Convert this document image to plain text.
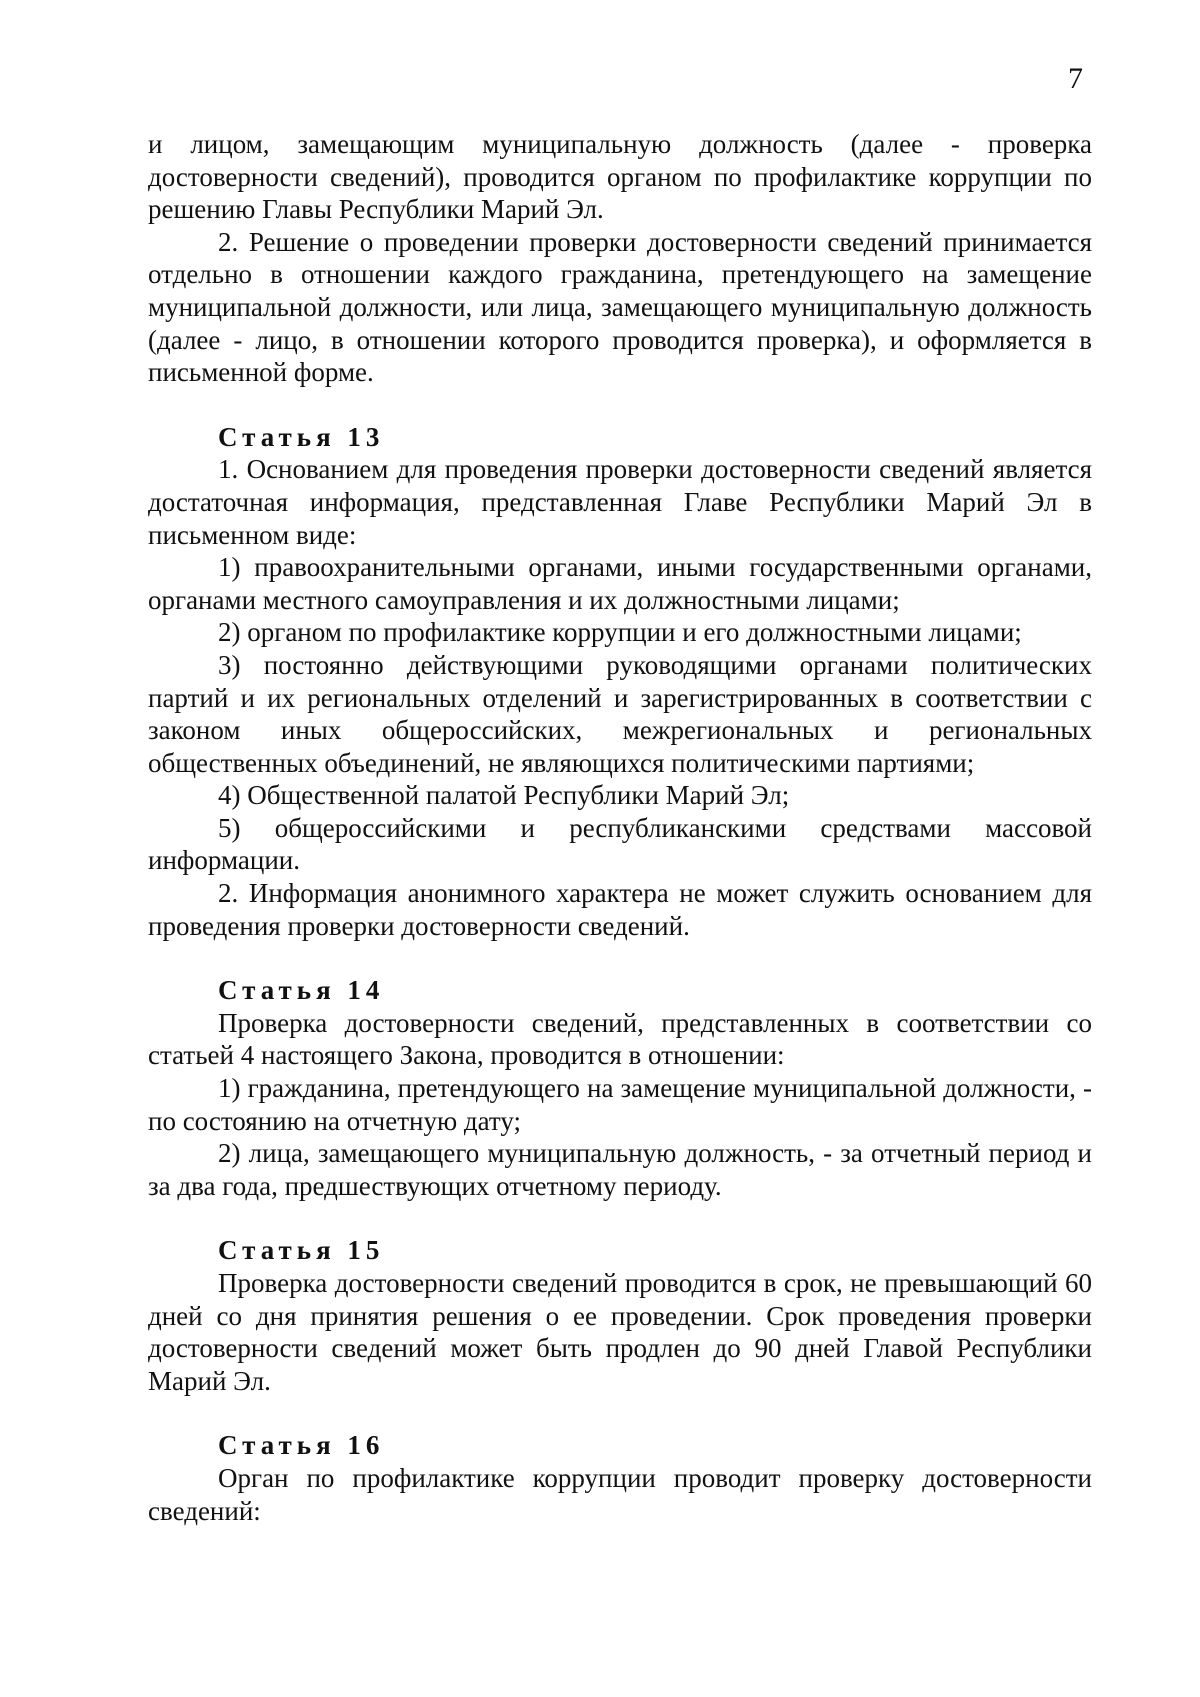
7

и лицом, замещающим муниципальную должность (далее - проверка достоверности сведений), проводится органом по профилактике коррупции по решению Главы Республики Марий Эл.

2. Решение о проведении проверки достоверности сведений принимается отдельно в отношении каждого гражданина, претендующего на замещение муниципальной должности, или лица, замещающего муниципальную должность (далее - лицо, в отношении которого проводится проверка), и оформляется в письменной форме.

Статья 13

1. Основанием для проведения проверки достоверности сведений является достаточная информация, представленная Главе Республики Марий Эл в письменном виде:

1) правоохранительными органами, иными государственными органами, органами местного самоуправления и их должностными лицами;

2) органом по профилактике коррупции и его должностными лицами;

3) постоянно действующими руководящими органами политических партий и их региональных отделений и зарегистрированных в соответствии с законом иных общероссийских, межрегиональных и региональных общественных объединений, не являющихся политическими партиями;

4) Общественной палатой Республики Марий Эл;

5) общероссийскими и республиканскими средствами массовой информации.

2. Информация анонимного характера не может служить основанием для проведения проверки достоверности сведений.

Статья 14

Проверка достоверности сведений, представленных в соответствии со статьей 4 настоящего Закона, проводится в отношении:

1) гражданина, претендующего на замещение муниципальной должности, - по состоянию на отчетную дату;

2) лица, замещающего муниципальную должность, - за отчетный период и за два года, предшествующих отчетному периоду.

Статья 15

Проверка достоверности сведений проводится в срок, не превышающий 60 дней со дня принятия решения о ее проведении. Срок проведения проверки достоверности сведений может быть продлен до 90 дней Главой Республики Марий Эл.

Статья 16

Орган по профилактике коррупции проводит проверку достоверности сведений:
